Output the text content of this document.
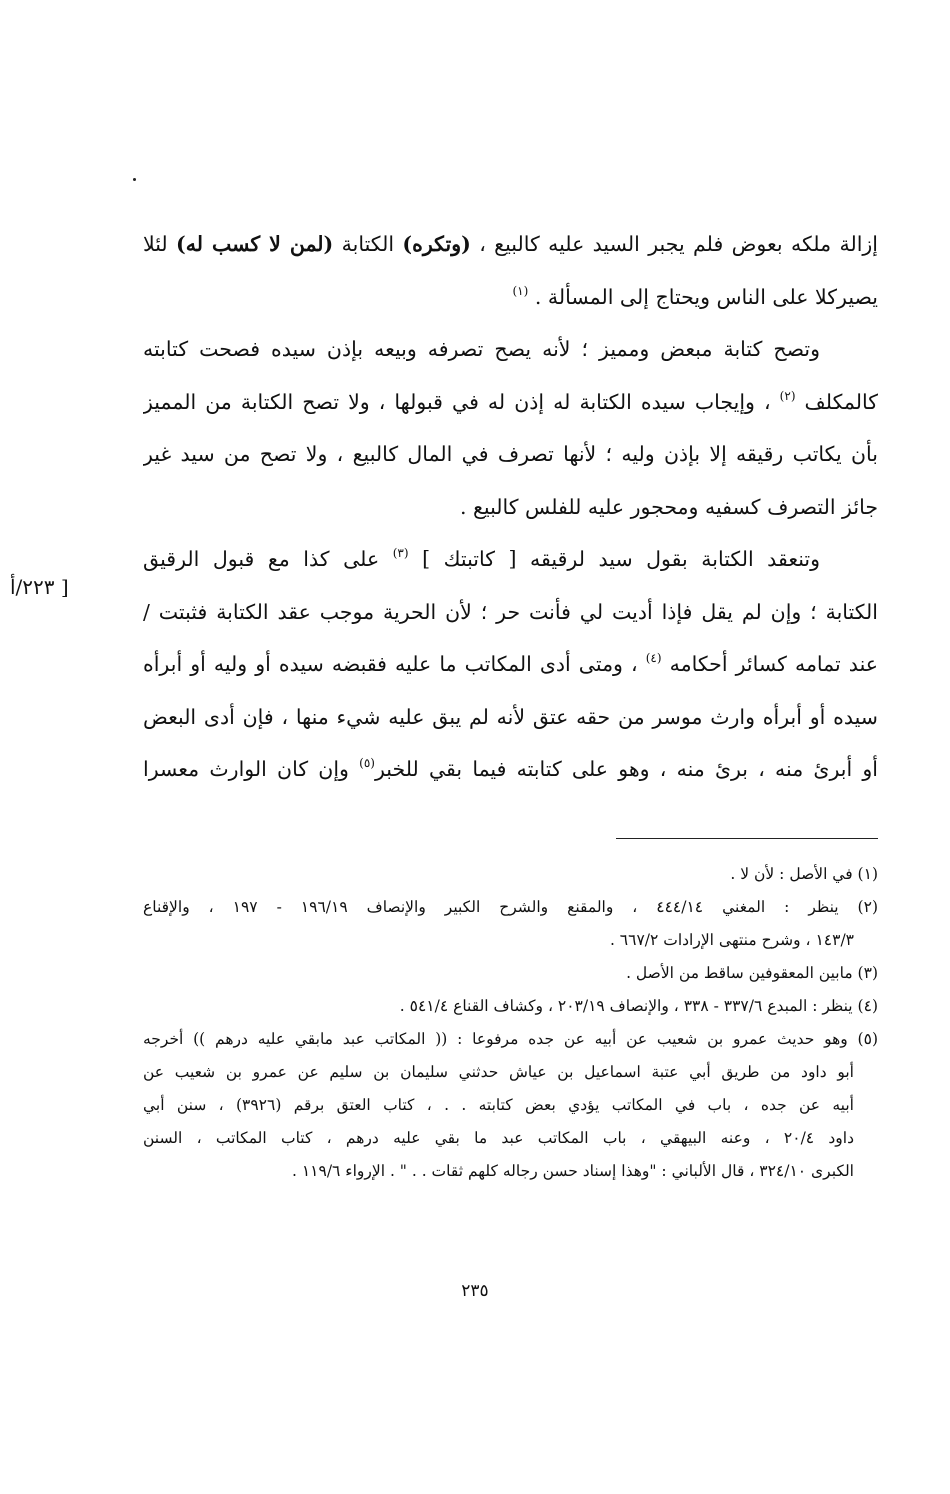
إزالة ملكه بعوض فلم يجبر السيد عليه كالبيع ، (وتكره) الكتابة (لمن لا كسب له) لئلا
يصيركلا على الناس ويحتاج إلى المسألة . $^{(١)}$
وتصح كتابة مبعض ومميز ؛ لأنه يصح تصرفه وبيعه بإذن سيده فصحت كتابته
كالمكلف $^{(٢)}$ ، وإيجاب سيده الكتابة له إذن له في قبولها ، ولا تصح الكتابة من المميز
بأن يكاتب رقيقه إلا بإذن وليه ؛ لأنها تصرف في المال كالبيع ، ولا تصح من سيد غير
جائز التصرف كسفيه ومحجور عليه للفلس كالبيع .
وتنعقد الكتابة بقول سيد لرقيقه [ كاتبتك ] $^{(٣)}$ على كذا مع قبول الرقيق
الكتابة ؛ وإن لم يقل فإذا أديت لي فأنت حر ؛ لأن الحرية موجب عقد الكتابة فثبتت /
عند تمامه كسائر أحكامه $^{(٤)}$ ، ومتى أدى المكاتب ما عليه فقبضه سيده أو وليه أو أبرأه
سيده أو أبرأه وارث موسر من حقه عتق لأنه لم يبق عليه شيء منها ، فإن أدى البعض
أو أبرئ منه ، برئ منه ، وهو على كتابته فيما بقي للخبر$^{(٥)}$ وإن كان الوارث معسرا
[ ٢٢٣/أ
(١) في الأصل : لأن لا .
(٢) ينظر : المغني ٤٤٤/١٤ ، والمقنع والشرح الكبير والإنصاف ١٩٦/١٩ - ١٩٧ ، والإقناع
١٤٣/٣ ، وشرح منتهى الإرادات ٦٦٧/٢ .
(٣) مابين المعقوفين ساقط من الأصل .
(٤) ينظر : المبدع ٣٣٧/٦ - ٣٣٨ ، والإنصاف ٢٠٣/١٩ ، وكشاف القناع ٥٤١/٤ .
(٥) وهو حديث عمرو بن شعيب عن أبيه عن جده مرفوعا : (( المكاتب عبد مابقي عليه درهم )) أخرجه
أبو داود من طريق أبي عتبة اسماعيل بن عياش حدثني سليمان بن سليم عن عمرو بن شعيب عن
أبيه عن جده ، باب في المكاتب يؤدي بعض كتابته . . ، كتاب العتق برقم (٣٩٢٦) ، سنن أبي
داود ٢٠/٤ ، وعنه البيهقي ، باب المكاتب عبد ما بقي عليه درهم ، كتاب المكاتب ، السنن
الكبرى ٣٢٤/١٠ ، قال الألباني : "وهذا إسناد حسن رجاله كلهم ثقات . . " . الإرواء ١١٩/٦ .
٢٣٥
